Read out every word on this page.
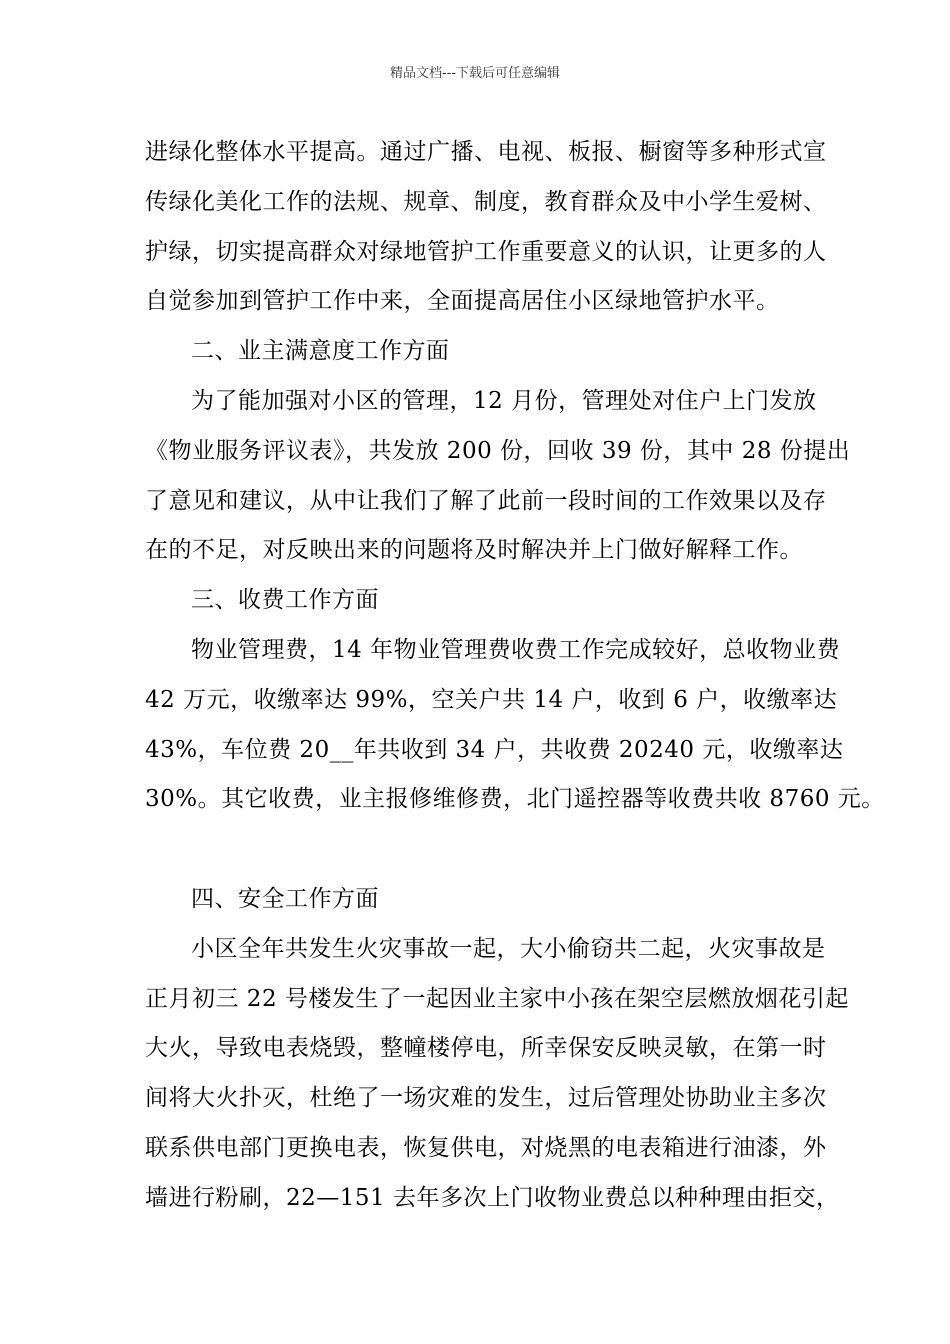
精品文档---下载后可任意编辑
进绿化整体水平提高。通过广播、电视、板报、橱窗等多种形式宣
传绿化美化工作的法规、规章、制度，教育群众及中小学生爱树、
护绿，切实提高群众对绿地管护工作重要意义的认识，让更多的人
自觉参加到管护工作中来，全面提高居住小区绿地管护水平。
二、业主满意度工作方面
为了能加强对小区的管理，12 月份，管理处对住户上门发放
《物业服务评议表》，共发放 200 份，回收 39 份，其中 28 份提出
了意见和建议，从中让我们了解了此前一段时间的工作效果以及存
在的不足，对反映出来的问题将及时解决并上门做好解释工作。
三、收费工作方面
物业管理费，14 年物业管理费收费工作完成较好，总收物业费
42 万元，收缴率达 99%，空关户共 14 户，收到 6 户，收缴率达
43%，车位费 20__年共收到 34 户，共收费 20240 元，收缴率达
30%。其它收费，业主报修维修费，北门遥控器等收费共收 8760 元。
四、安全工作方面
小区全年共发生火灾事故一起，大小偷窃共二起，火灾事故是
正月初三 22 号楼发生了一起因业主家中小孩在架空层燃放烟花引起
大火，导致电表烧毁，整幢楼停电，所幸保安反映灵敏，在第一时
间将大火扑灭，杜绝了一场灾难的发生，过后管理处协助业主多次
联系供电部门更换电表，恢复供电，对烧黑的电表箱进行油漆，外
墙进行粉刷，22—151 去年多次上门收物业费总以种种理由拒交，
